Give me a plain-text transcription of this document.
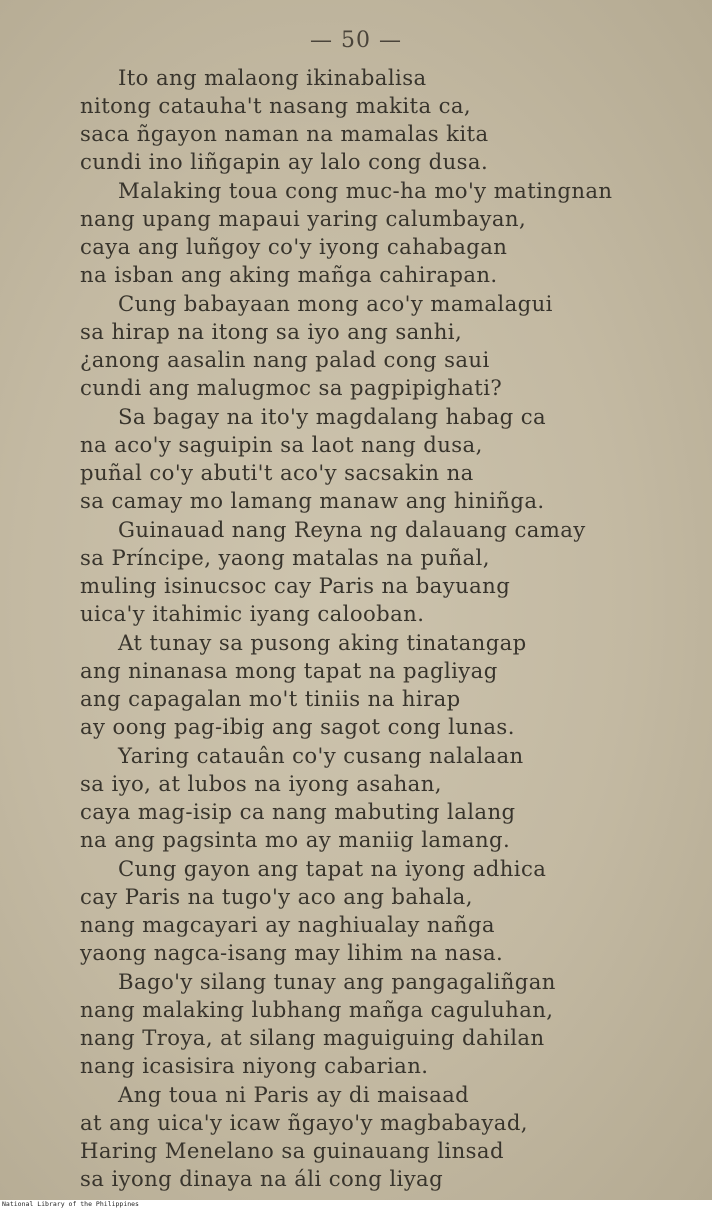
— 50 —
Ito ang malaong ikinabalisa
nitong catauha't nasang makita ca,
saca ñgayon naman na mamalas kita
cundi ino liñgapin ay lalo cong dusa.
Malaking toua cong muc-ha mo'y matingnan
nang upang mapaui yaring calumbayan,
caya ang luñgoy co'y iyong cahabagan
na isban ang aking mañga cahirapan.
Cung babayaan mong aco'y mamalagui
sa hirap na itong sa iyo ang sanhi,
¿anong aasalin nang palad cong saui
cundi ang malugmoc sa pagpipighati?
Sa bagay na ito'y magdalang habag ca
na aco'y saguipin sa laot nang dusa,
puñal co'y abuti't aco'y sacsakin na
sa camay mo lamang manaw ang hiniñga.
Guinauad nang Reyna ng dalauang camay
sa Príncipe, yaong matalas na puñal,
muling isinucsoc cay Paris na bayuang
uica'y itahimic iyang calooban.
At tunay sa pusong aking tinatangap
ang ninanasa mong tapat na pagliyag
ang capagalan mo't tiniis na hirap
ay oong pag-ibig ang sagot cong lunas.
Yaring catauân co'y cusang nalalaan
sa iyo, at lubos na iyong asahan,
caya mag-isip ca nang mabuting lalang
na ang pagsinta mo ay maniig lamang.
Cung gayon ang tapat na iyong adhica
cay Paris na tugo'y aco ang bahala,
nang magcayari ay naghiualay nañga
yaong nagca-isang may lihim na nasa.
Bago'y silang tunay ang pangagaliñgan
nang malaking lubhang mañga caguluhan,
nang Troya, at silang maguiguing dahilan
nang icasisira niyong cabarian.
Ang toua ni Paris ay di maisaad
at ang uica'y icaw ñgayo'y magbabayad,
Haring Menelano sa guinauang linsad
sa iyong dinaya na áli cong liyag
National Library of the Philippines
